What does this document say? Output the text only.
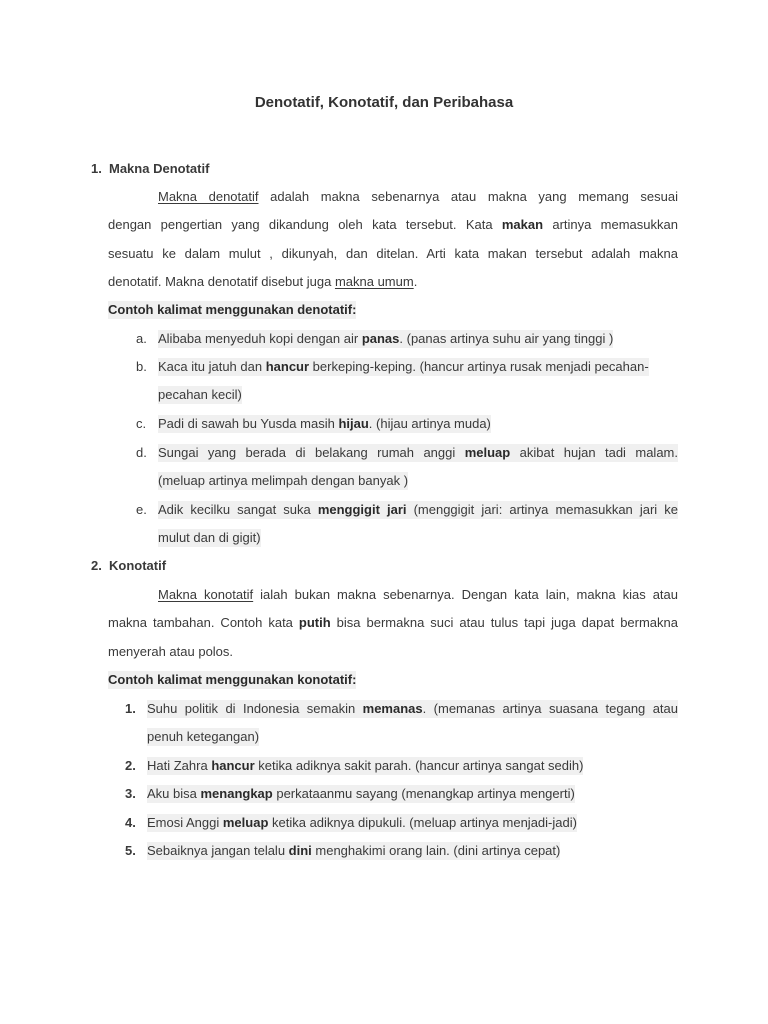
Denotatif, Konotatif, dan Peribahasa
1. Makna Denotatif
Makna denotatif adalah makna sebenarnya atau makna yang memang sesuai
dengan pengertian yang dikandung oleh kata tersebut. Kata makan artinya memasukkan
sesuatu ke dalam mulut , dikunyah, dan ditelan. Arti kata makan tersebut adalah makna
denotatif. Makna denotatif disebut juga makna umum.
Contoh kalimat menggunakan denotatif:
a. Alibaba menyeduh kopi dengan air panas. (panas artinya suhu air yang tinggi )
b. Kaca itu jatuh dan hancur berkeping-keping. (hancur artinya rusak menjadi pecahan-
pecahan kecil)
c. Padi di sawah bu Yusda masih hijau. (hijau artinya muda)
d. Sungai yang berada di belakang rumah anggi meluap akibat hujan tadi malam.
(meluap artinya melimpah dengan banyak )
e. Adik kecilku sangat suka menggigit jari (menggigit jari: artinya memasukkan jari ke
mulut dan di gigit)
2. Konotatif
Makna konotatif ialah bukan makna sebenarnya. Dengan kata lain, makna kias atau
makna tambahan. Contoh kata putih bisa bermakna suci atau tulus tapi juga dapat bermakna
menyerah atau polos.
Contoh kalimat menggunakan konotatif:
1. Suhu politik di Indonesia semakin memanas. (memanas artinya suasana tegang atau
penuh ketegangan)
2. Hati Zahra hancur ketika adiknya sakit parah. (hancur artinya sangat sedih)
3. Aku bisa menangkap perkataanmu sayang (menangkap artinya mengerti)
4. Emosi Anggi meluap ketika adiknya dipukuli. (meluap artinya menjadi-jadi)
5. Sebaiknya jangan telalu dini menghakimi orang lain. (dini artinya cepat)
